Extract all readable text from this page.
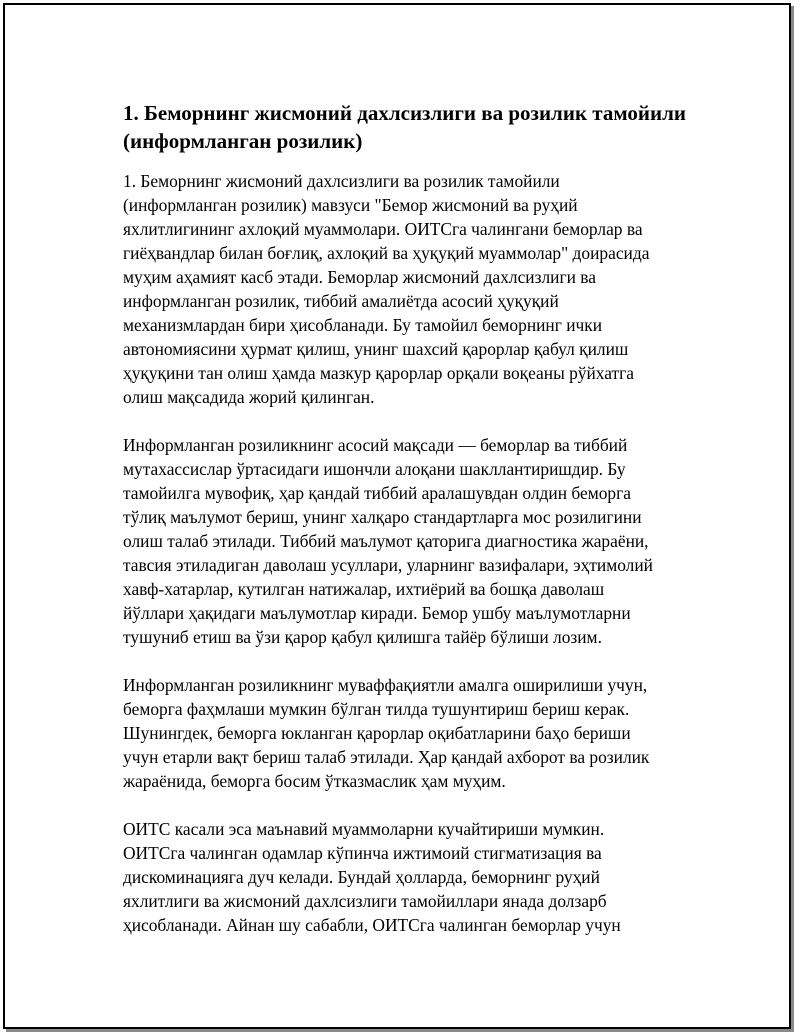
1. Беморнинг жисмоний дахлсизлиги ва розилик тамойили
(информланган розилик)

1. Беморнинг жисмоний дахлсизлиги ва розилик тамойили
(информланган розилик) мавзуси "Бемор жисмоний ва руҳий
яхлитлигининг ахлоқий муаммолари. ОИТСга чалингани беморлар ва
гиёҳвандлар билан боғлиқ, ахлоқий ва ҳуқуқий муаммолар" доирасида
муҳим аҳамият касб этади. Беморлар жисмоний дахлсизлиги ва
информланган розилик, тиббий амалиётда асосий ҳуқуқий
механизмлардан бири ҳисобланади. Бу тамойил беморнинг ички
автономиясини ҳурмат қилиш, унинг шахсий қарорлар қабул қилиш
ҳуқуқини тан олиш ҳамда мазкур қарорлар орқали воқеаны рўйхатга
олиш мақсадида жорий қилинган.

Информланган розиликнинг асосий мақсади — беморлар ва тиббий
мутахассислар ўртасидаги ишончли алоқани шакллантиришдир. Бу
тамойилга мувофиқ, ҳар қандай тиббий аралашувдан олдин беморга
тўлиқ маълумот бериш, унинг халқаро стандартларга мос розилигини
олиш талаб этилади. Тиббий маълумот қаторига диагностика жараёни,
тавсия этиладиган даволаш усуллари, уларнинг вазифалари, эҳтимолий
хавф-хатарлар, кутилган натижалар, ихтиёрий ва бошқа даволаш
йўллари ҳақидаги маълумотлар киради. Бемор ушбу маълумотларни
тушуниб етиш ва ўзи қарор қабул қилишга тайёр бўлиши лозим.

Информланган розиликнинг муваффақиятли амалга оширилиши учун,
беморга фаҳмлаши мумкин бўлган тилда тушунтириш бериш керак.
Шунингдек, беморга юкланган қарорлар оқибатларини баҳо бериши
учун етарли вақт бериш талаб этилади. Ҳар қандай ахборот ва розилик
жараёнида, беморга босим ўтказмаслик ҳам муҳим.

ОИТС касали эса маънавий муаммоларни кучайтириши мумкин.
ОИТСга чалинган одамлар кўпинча ижтимоий стигматизация ва
дискоминацияга дуч келади. Бундай ҳолларда, беморнинг руҳий
яхлитлиги ва жисмоний дахлсизлиги тамойиллари янада долзарб
ҳисобланади. Айнан шу сабабли, ОИТСга чалинган беморлар учун
